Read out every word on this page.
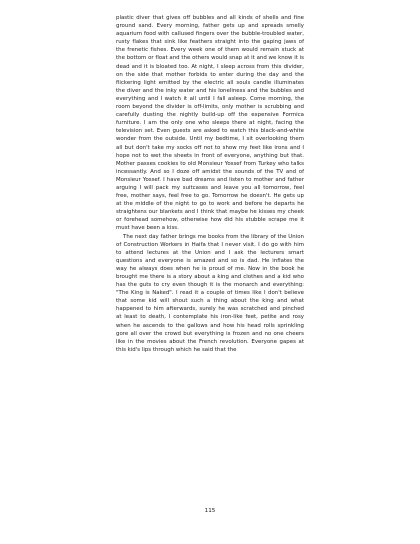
plastic diver that gives off bubbles and all kinds of shells and fine ground sand. Every morning, father gets up and spreads smelly aquarium food with callused fingers over the bubble-troubled water, rusty flakes that sink like feathers straight into the gaping jaws of the frenetic fishes. Every week one of them would remain stuck at the bottom or float and the others would snap at it and we know it is dead and it is bloated too. At night, I sleep across from this divider, on the side that mother forbids to enter during the day and the flickering light emitted by the electric all souls candle illuminates the diver and the inky water and his loneliness and the bubbles and everything and I watch it all until I fall asleep. Come morning, the room beyond the divider is off-limits, only mother is scrubbing and carefully dusting the nightly build-up off the expensive Formica furniture. I am the only one who sleeps there at night, facing the television set. Even guests are asked to watch this black-and-white wonder from the outside. Until my bedtime, I sit overlooking them all but don't take my socks off not to show my feet like irons and I hope not to wet the sheets in front of everyone, anything but that. Mother passes cookies to old Monsieur Yossef from Turkey who talks incessantly. And so I doze off amidst the sounds of the TV and of Monsieur Yossef. I have bad dreams and listen to mother and father arguing I will pack my suitcases and leave you all tomorrow, feel free, mother says, feel free to go. Tomorrow he doesn't. He gets up at the middle of the night to go to work and before he departs he straightens our blankets and I think that maybe he kisses my cheek or forehead somehow, otherwise how did his stubble scrape me it must have been a kiss.

The next day father brings me books from the library of the Union of Construction Workers in Haifa that I never visit. I do go with him to attend lectures at the Union and I ask the lecturers smart questions and everyone is amazed and so is dad. He inflates the way he always does when he is proud of me. Now in the book he brought me there is a story about a king and clothes and a kid who has the guts to cry even though it is the monarch and everything: "The King is Naked". I read it a couple of times like I don't believe that some kid will shout such a thing about the king and what happened to him afterwards, surely he was scratched and pinched at least to death, I contemplate his iron-like feet, petite and rosy when he ascends to the gallows and how his head rolls sprinkling gore all over the crowd but everything is frozen and no one cheers like in the movies about the French revolution. Everyone gapes at this kid's lips through which he said that the

115
